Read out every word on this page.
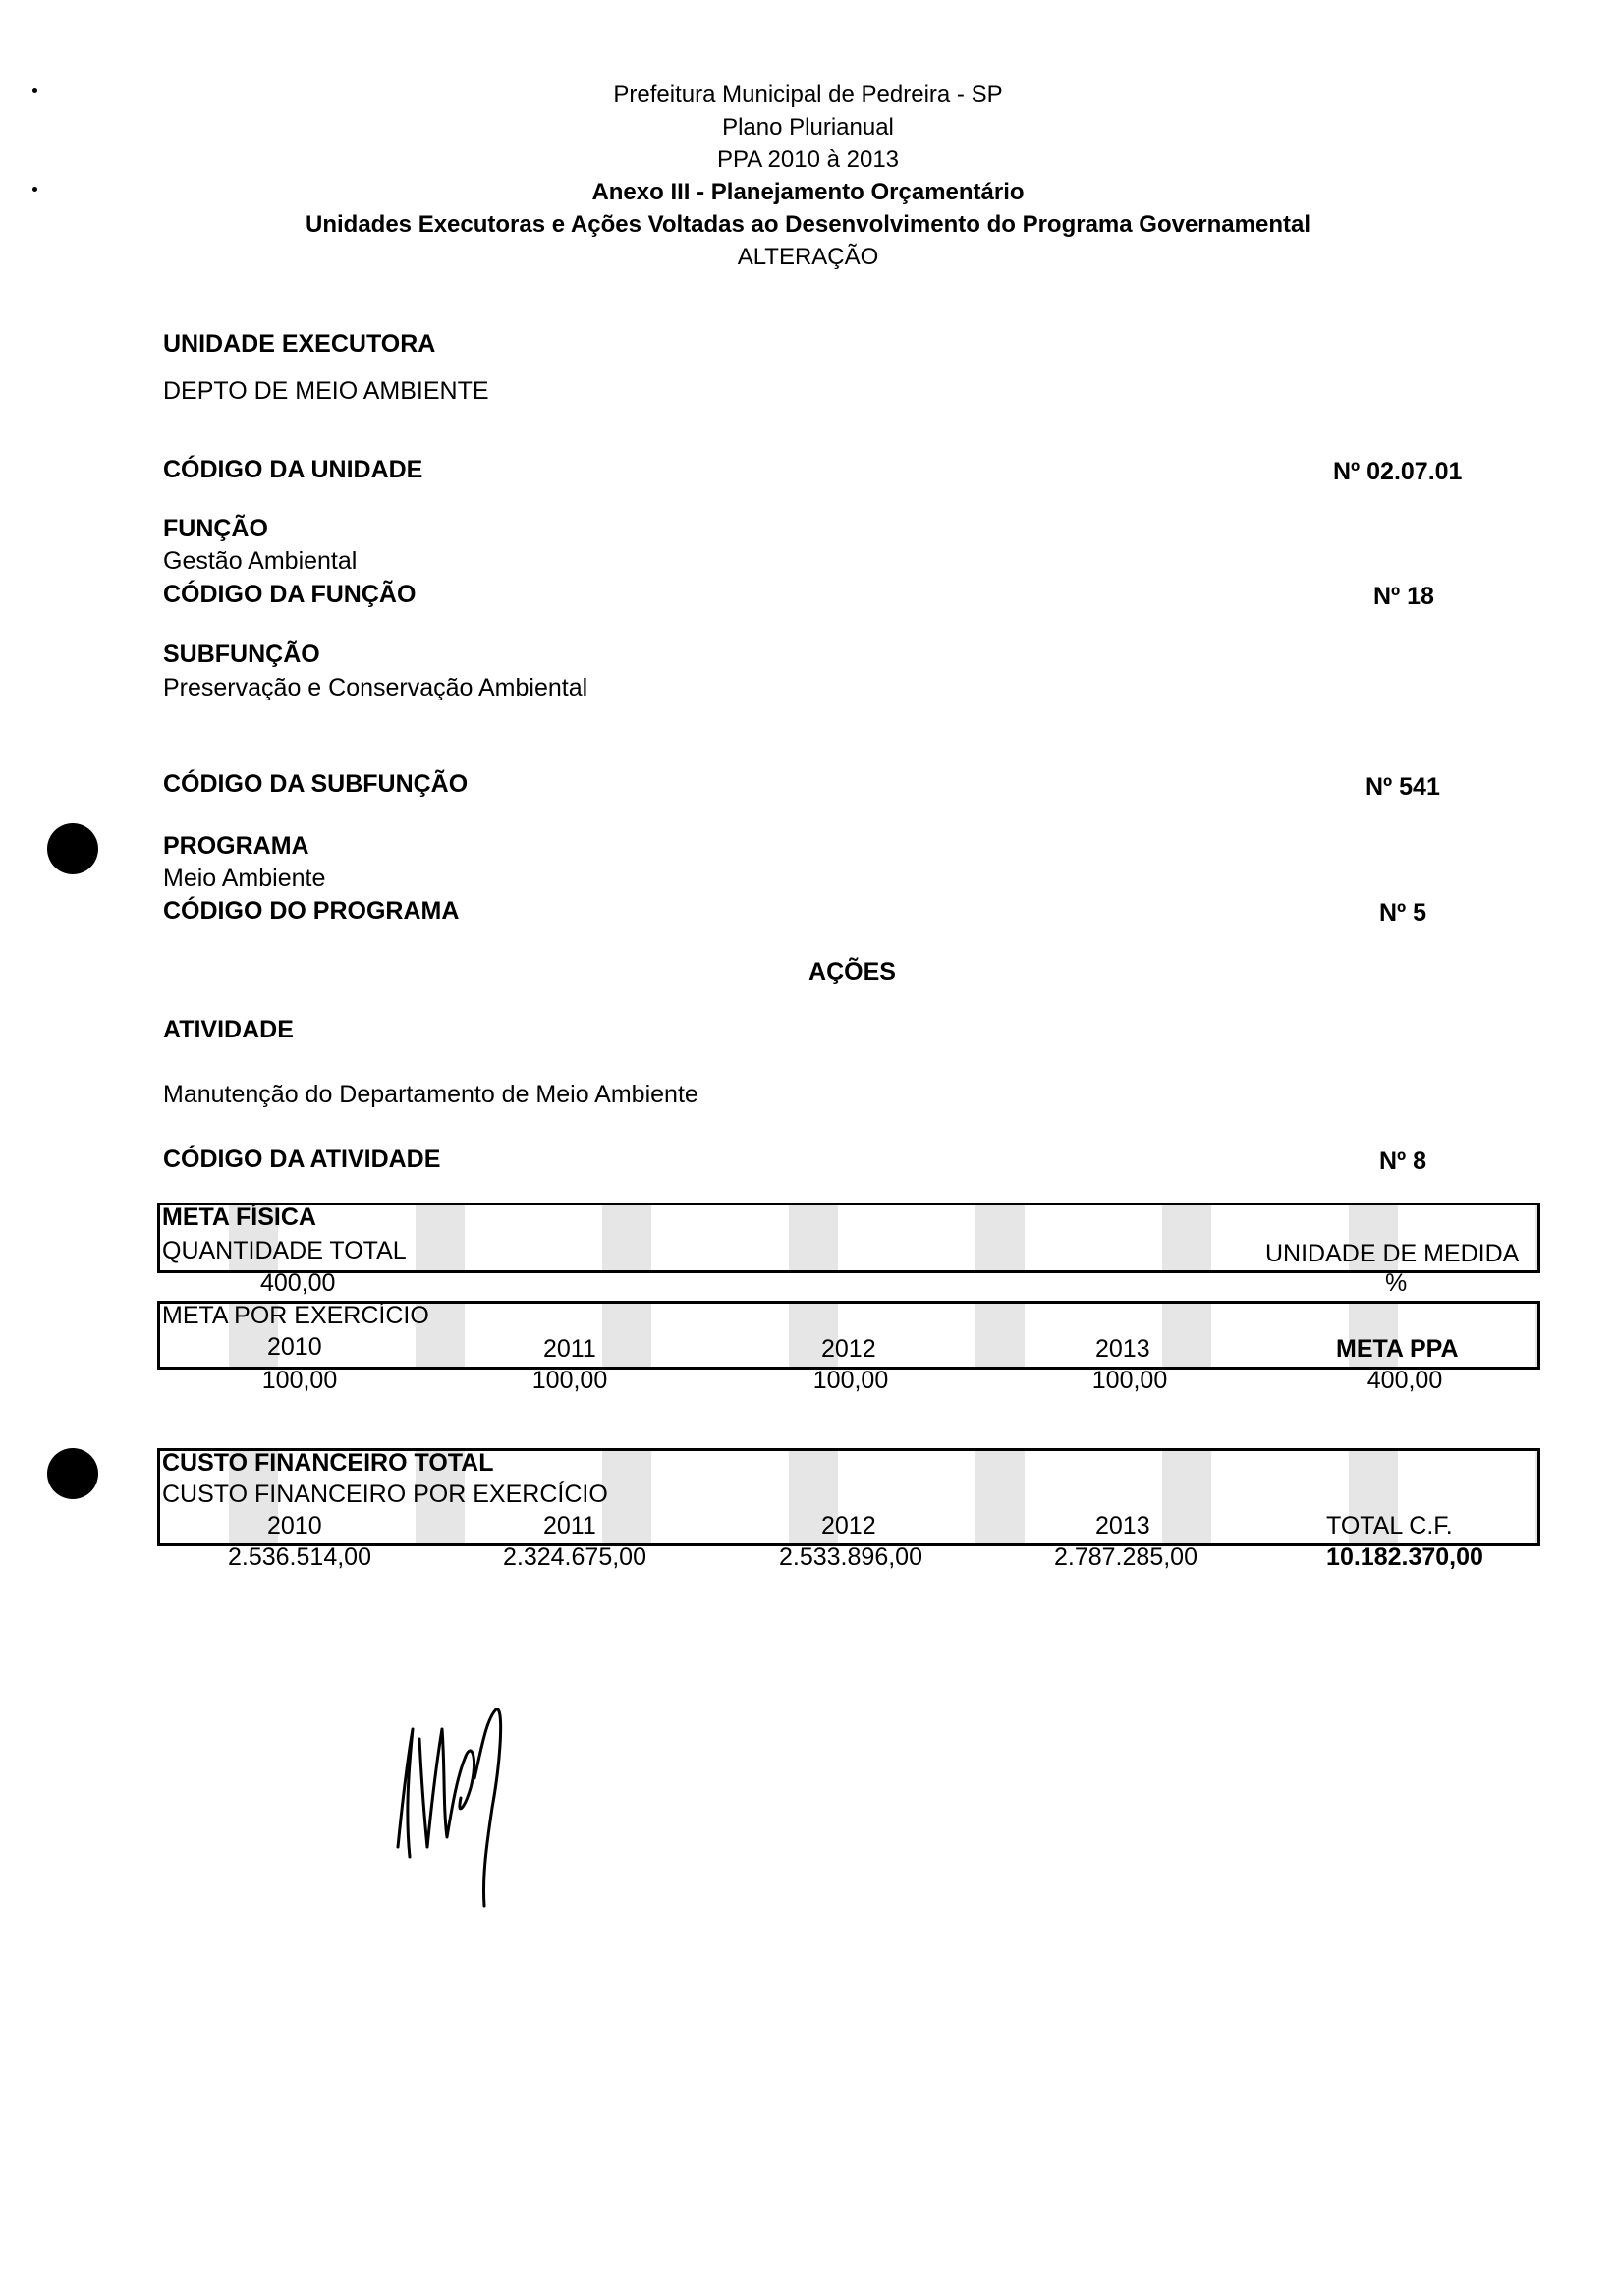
Prefeitura Municipal de Pedreira - SP
Plano Plurianual
PPA 2010 à 2013
Anexo III - Planejamento Orçamentário
Unidades Executoras e Ações Voltadas ao Desenvolvimento do Programa Governamental
ALTERAÇÃO
UNIDADE EXECUTORA
DEPTO DE MEIO AMBIENTE
CÓDIGO DA UNIDADE	Nº 02.07.01
FUNÇÃO
Gestão Ambiental
CÓDIGO DA FUNÇÃO	Nº 18
SUBFUNÇÃO
Preservação e Conservação Ambiental
CÓDIGO DA SUBFUNÇÃO	Nº 541
PROGRAMA
Meio Ambiente
CÓDIGO DO PROGRAMA	Nº 5
AÇÕES
ATIVIDADE
Manutenção do Departamento de Meio Ambiente
CÓDIGO DA ATIVIDADE	Nº 8
META FÍSICA
QUANTIDADE TOTAL	UNIDADE DE MEDIDA
400,00	%
META POR EXERCÍCIO
2010	2011	2012	2013	META PPA
100,00	100,00	100,00	100,00	400,00
CUSTO FINANCEIRO TOTAL
CUSTO FINANCEIRO POR EXERCÍCIO
2010	2011	2012	2013	TOTAL C.F.
2.536.514,00	2.324.675,00	2.533.896,00	2.787.285,00	10.182.370,00
